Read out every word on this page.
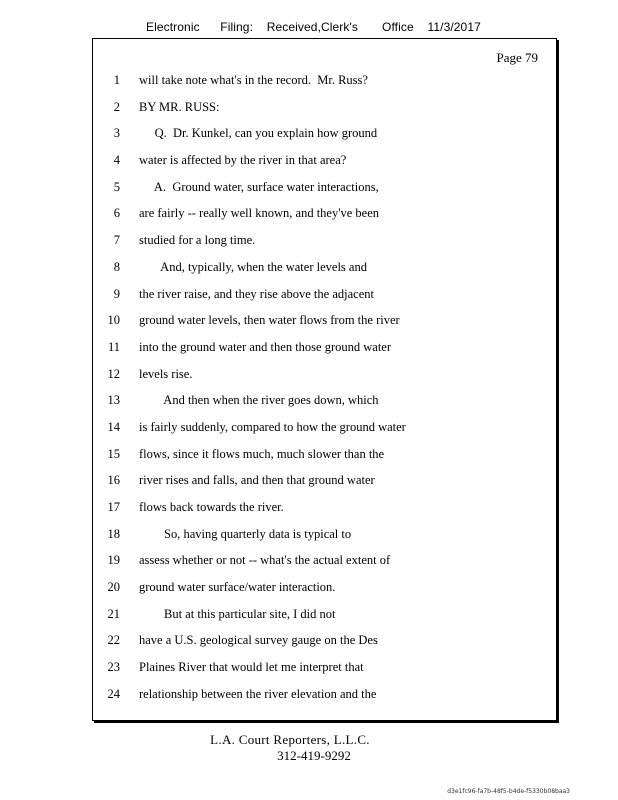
Electronic      Filing:    Received,Clerk's       Office    11/3/2017
Page 79
1 will take note what's in the record.  Mr. Russ?
2 BY MR. RUSS:
3 Q.  Dr. Kunkel, can you explain how ground
4 water is affected by the river in that area?
5 A.  Ground water, surface water interactions,
6 are fairly -- really well known, and they've been
7 studied for a long time.
8 And, typically, when the water levels and
9 the river raise, and they rise above the adjacent
10 ground water levels, then water flows from the river
11 into the ground water and then those ground water
12 levels rise.
13 And then when the river goes down, which
14 is fairly suddenly, compared to how the ground water
15 flows, since it flows much, much slower than the
16 river rises and falls, and then that ground water
17 flows back towards the river.
18 So, having quarterly data is typical to
19 assess whether or not -- what's the actual extent of
20 ground water surface/water interaction.
21 But at this particular site, I did not
22 have a U.S. geological survey gauge on the Des
23 Plaines River that would let me interpret that
24 relationship between the river elevation and the
L.A. Court Reporters, L.L.C.
312-419-9292
d3e1fc96-fa7b-48f5-b4de-f5330b08baa3
